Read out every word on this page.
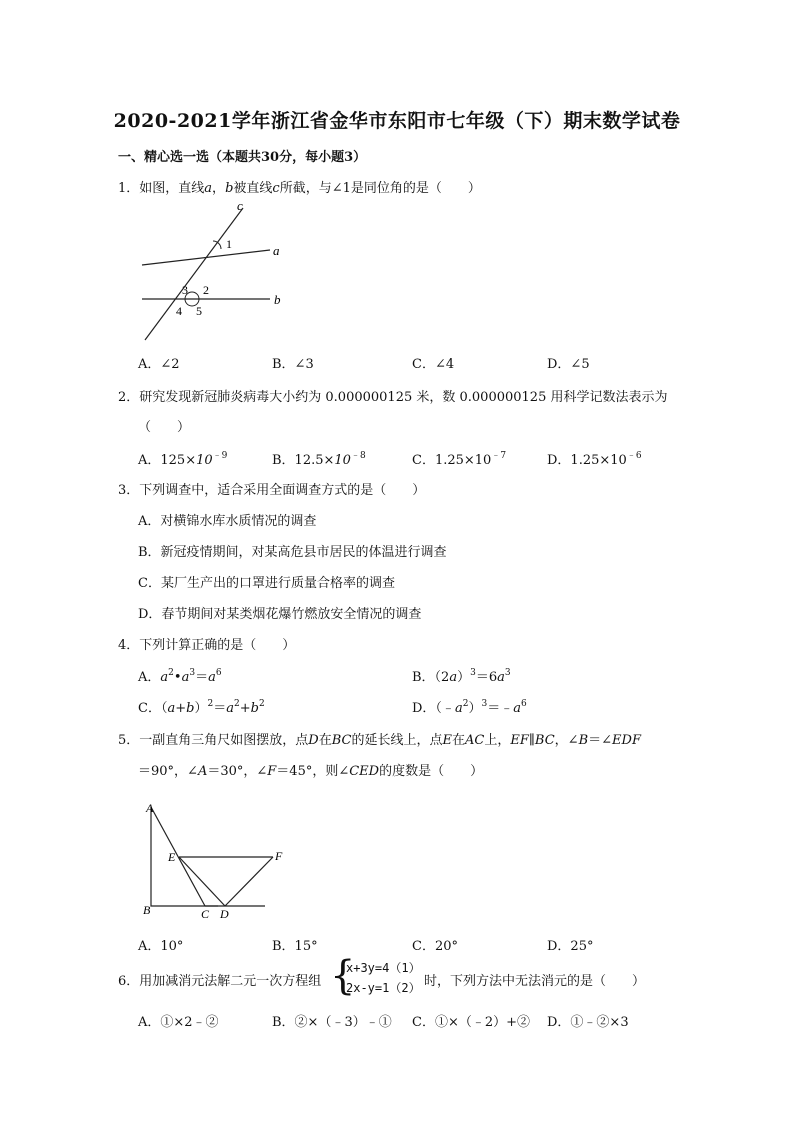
2020-2021学年浙江省金华市东阳市七年级（下）期末数学试卷
一、精心选一选（本题共30分，每小题3）
1．如图，直线a，b被直线c所截，与∠1是同位角的是（　　）
c
a
b
1
2
3
4 5
A．∠2	B．∠3	C．∠4	D．∠5
2．研究发现新冠肺炎病毒大小约为 0.000000125 米，数 0.000000125 用科学记数法表示为
（　　）
A．$125\times 10^{﹣9}$	B．$12.5\times 10^{﹣8}$	C．$1.25\times 10^{﹣7}$	D．$1.25\times 10^{﹣6}$
3．下列调查中，适合采用全面调查方式的是（　　）
A．对横锦水库水质情况的调查
B．新冠疫情期间，对某高危县市居民的体温进行调查
C．某厂生产出的口罩进行质量合格率的调查
D．春节期间对某类烟花爆竹燃放安全情况的调查
4．下列计算正确的是（　　）
A．$a^2•a^3=a^6$	B．$(2a)^3=6a^3$
C．$(a+b)^2=a^2+b^2$	D．$(﹣a^2)^3=﹣a^6$
5．一副直角三角尺如图摆放，点D在BC的延长线上，点E在AC上，EF∥BC，∠B＝∠EDF
＝90°，∠A＝30°，∠F＝45°，则∠CED的度数是（　　）
A
B	C D
E	F
A．10°	B．15°	C．20°	D．25°
6．用加减消元法解二元一次方程组 {
x+3y=4（1）
2x-y=1（2） 时，下列方法中无法消元的是（　　）
A．①×2﹣②	B．②×（﹣3）﹣① C．①×（﹣2）+② D．①﹣②×3
